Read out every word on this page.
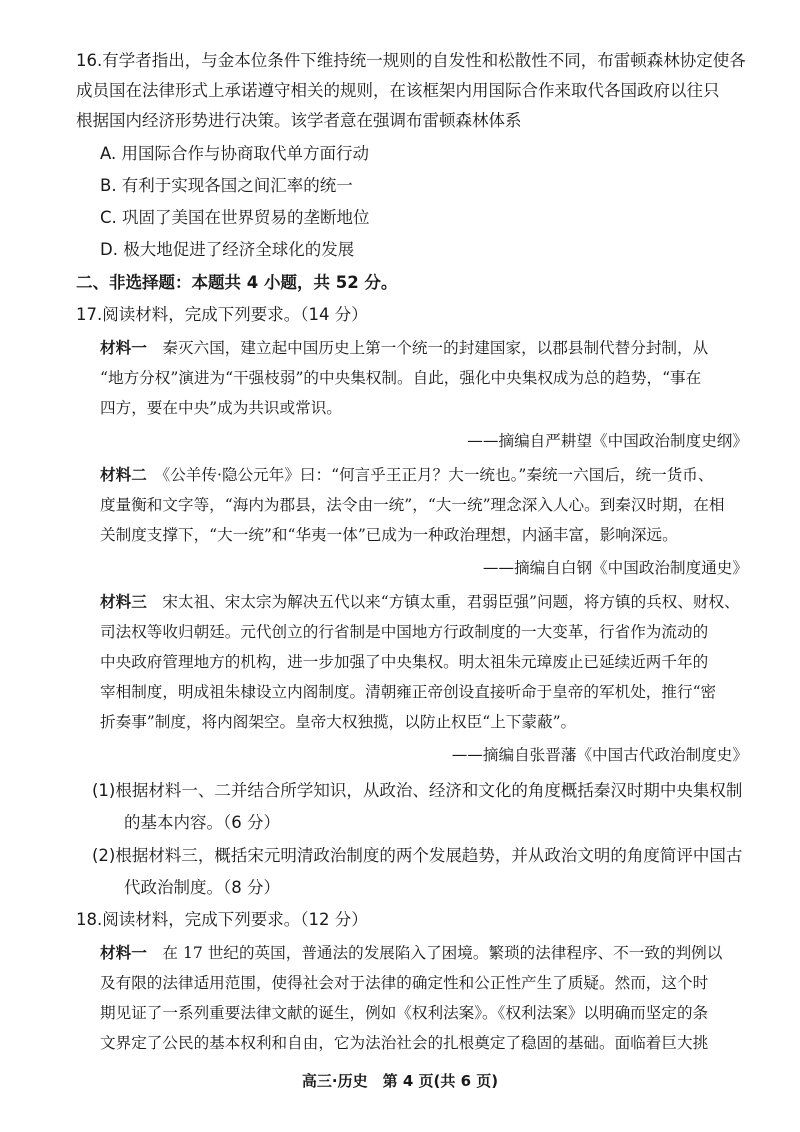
16.有学者指出，与金本位条件下维持统一规则的自发性和松散性不同，布雷顿森林协定使各
成员国在法律形式上承诺遵守相关的规则，在该框架内用国际合作来取代各国政府以往只
根据国内经济形势进行决策。该学者意在强调布雷顿森林体系
A. 用国际合作与协商取代单方面行动
B. 有利于实现各国之间汇率的统一
C. 巩固了美国在世界贸易的垄断地位
D. 极大地促进了经济全球化的发展
二、非选择题：本题共 4 小题，共 52 分。
17.阅读材料，完成下列要求。（14 分）
材料一　 秦灭六国，建立起中国历史上第一个统一的封建国家，以郡县制代替分封制，从
“地方分权”演进为“干强枝弱”的中央集权制。自此，强化中央集权成为总的趋势，“事在
四方，要在中央”成为共识或常识。
——摘编自严耕望《中国政治制度史纲》
材料二　 《公羊传·隐公元年》曰：“何言乎王正月？大一统也。”秦统一六国后，统一货币、
度量衡和文字等，“海内为郡县，法令由一统”，“大一统”理念深入人心。到秦汉时期，在相
关制度支撑下，“大一统”和“华夷一体”已成为一种政治理想，内涵丰富，影响深远。
——摘编自白钢《中国政治制度通史》
材料三　 宋太祖、宋太宗为解决五代以来“方镇太重，君弱臣强”问题，将方镇的兵权、财权、
司法权等收归朝廷。元代创立的行省制是中国地方行政制度的一大变革，行省作为流动的
中央政府管理地方的机构，进一步加强了中央集权。明太祖朱元璋废止已延续近两千年的
宰相制度，明成祖朱棣设立内阁制度。清朝雍正帝创设直接听命于皇帝的军机处，推行“密
折奏事”制度，将内阁架空。皇帝大权独揽，以防止权臣“上下蒙蔽”。
——摘编自张晋藩《中国古代政治制度史》
(1)根据材料一、二并结合所学知识，从政治、经济和文化的角度概括秦汉时期中央集权制
的基本内容。（6 分）
(2)根据材料三，概括宋元明清政治制度的两个发展趋势，并从政治文明的角度简评中国古
代政治制度。（8 分）
18.阅读材料，完成下列要求。（12 分）
材料一　 在 17 世纪的英国，普通法的发展陷入了困境。繁琐的法律程序、不一致的判例以
及有限的法律适用范围，使得社会对于法律的确定性和公正性产生了质疑。然而，这个时
期见证了一系列重要法律文献的诞生，例如《权利法案》。《权利法案》以明确而坚定的条
文界定了公民的基本权利和自由，它为法治社会的扎根奠定了稳固的基础。面临着巨大挑
高三·历史　第 4 页(共 6 页)
